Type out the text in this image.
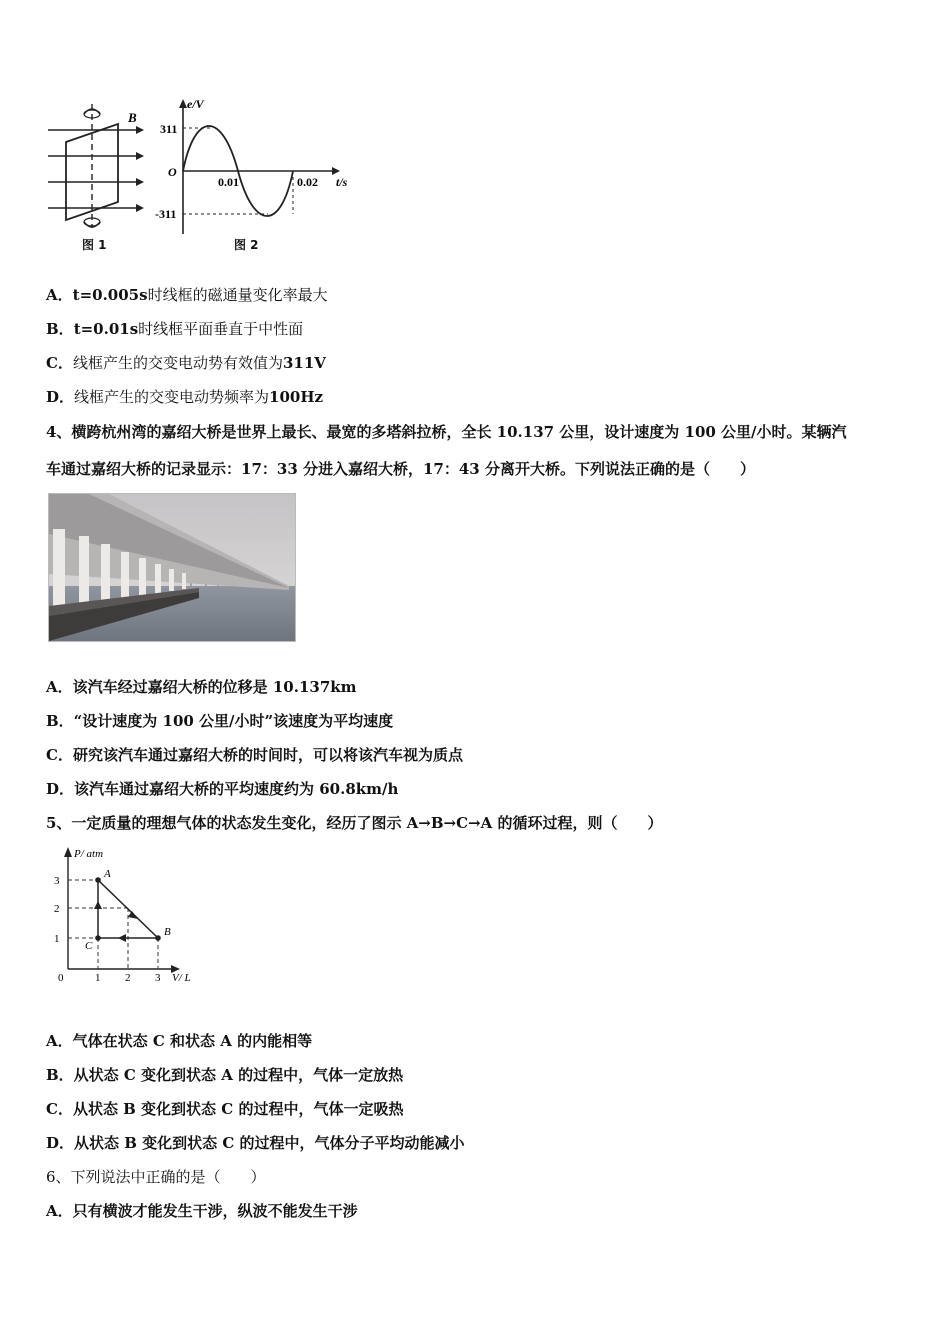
B
图 1
e/V
t/s
O
311
-311
0.01	0.02
图 2
A．t=0.005s时线框的磁通量变化率最大
B．t=0.01s时线框平面垂直于中性面
C．线框产生的交变电动势有效值为311V
D．线框产生的交变电动势频率为100Hz
4、横跨杭州湾的嘉绍大桥是世界上最长、最宽的多塔斜拉桥，全长 10.137 公里，设计速度为 100 公里/小时。某辆汽
车通过嘉绍大桥的记录显示：17：33 分进入嘉绍大桥，17：43 分离开大桥。下列说法正确的是（　　）
A．该汽车经过嘉绍大桥的位移是 10.137km
B．“设计速度为 100 公里/小时”该速度为平均速度
C．研究该汽车通过嘉绍大桥的时间时，可以将该汽车视为质点
D．该汽车通过嘉绍大桥的平均速度约为 60.8km/h
5、一定质量的理想气体的状态发生变化，经历了图示 A→B→C→A 的循环过程，则（　　）
P/ atm
V/ L
0
1
2
3
1 2 3
A
B
C
A．气体在状态 C 和状态 A 的内能相等
B．从状态 C 变化到状态 A 的过程中，气体一定放热
C．从状态 B 变化到状态 C 的过程中，气体一定吸热
D．从状态 B 变化到状态 C 的过程中，气体分子平均动能减小
6、下列说法中正确的是（　　）
A．只有横波才能发生干涉，纵波不能发生干涉
